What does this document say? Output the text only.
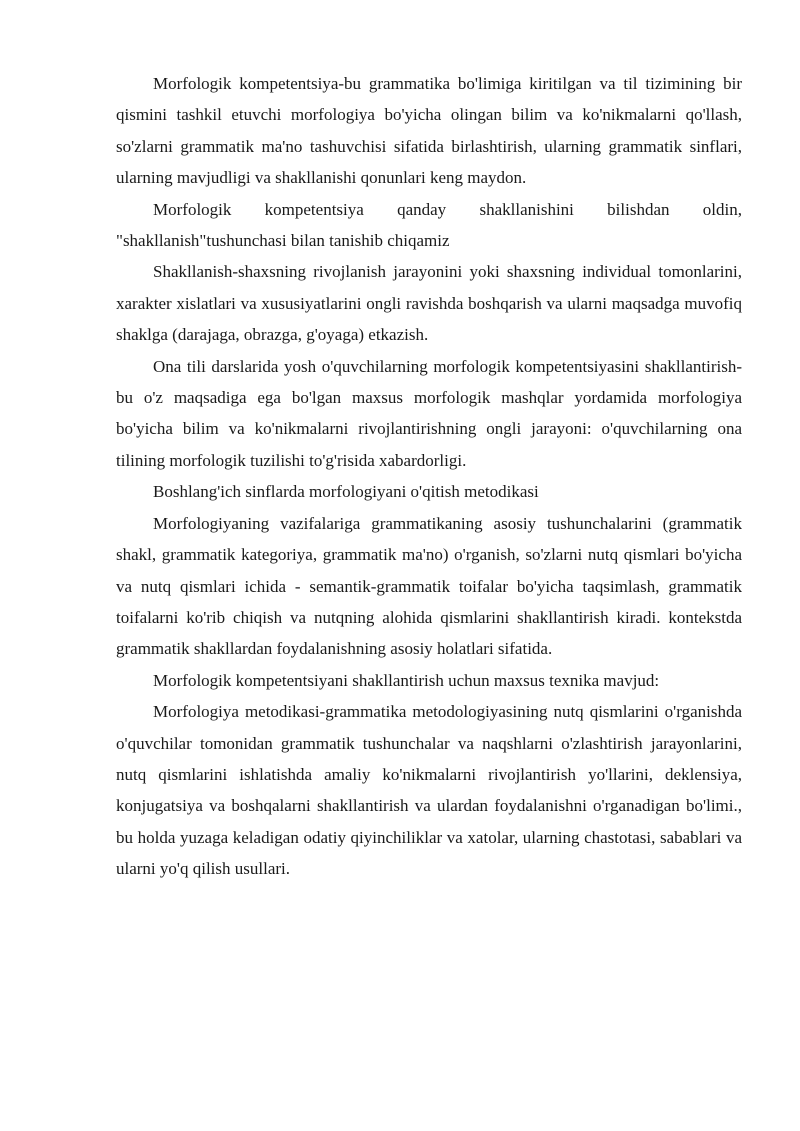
Morfologik kompetentsiya-bu grammatika bo'limiga kiritilgan va til tizimining bir qismini tashkil etuvchi morfologiya bo'yicha olingan bilim va ko'nikmalarni qo'llash, so'zlarni grammatik ma'no tashuvchisi sifatida birlashtirish, ularning grammatik sinflari, ularning mavjudligi va shakllanishi qonunlari keng maydon.

Morfologik kompetentsiya qanday shakllanishini bilishdan oldin, "shakllanish"tushunchasi bilan tanishib chiqamiz

Shakllanish-shaxsning rivojlanish jarayonini yoki shaxsning individual tomonlarini, xarakter xislatlari va xususiyatlarini ongli ravishda boshqarish va ularni maqsadga muvofiq shaklga (darajaga, obrazga, g'oyaga) etkazish.

Ona tili darslarida yosh o'quvchilarning morfologik kompetentsiyasini shakllantirish-bu o'z maqsadiga ega bo'lgan maxsus morfologik mashqlar yordamida morfologiya bo'yicha bilim va ko'nikmalarni rivojlantirishning ongli jarayoni: o'quvchilarning ona tilining morfologik tuzilishi to'g'risida xabardorligi.

Boshlang'ich sinflarda morfologiyani o'qitish metodikasi

Morfologiyaning vazifalariga grammatikaning asosiy tushunchalarini (grammatik shakl, grammatik kategoriya, grammatik ma'no) o'rganish, so'zlarni nutq qismlari bo'yicha va nutq qismlari ichida - semantik-grammatik toifalar bo'yicha taqsimlash, grammatik toifalarni ko'rib chiqish va nutqning alohida qismlarini shakllantirish kiradi. kontekstda grammatik shakllardan foydalanishning asosiy holatlari sifatida.

Morfologik kompetentsiyani shakllantirish uchun maxsus texnika mavjud:

Morfologiya metodikasi-grammatika metodologiyasining nutq qismlarini o'rganishda o'quvchilar tomonidan grammatik tushunchalar va naqshlarni o'zlashtirish jarayonlarini, nutq qismlarini ishlatishda amaliy ko'nikmalarni rivojlantirish yo'llarini, deklensiya, konjugatsiya va boshqalarni shakllantirish va ulardan foydalanishni o'rganadigan bo'limi., bu holda yuzaga keladigan odatiy qiyinchiliklar va xatolar, ularning chastotasi, sabablari va ularni yo'q qilish usullari.
